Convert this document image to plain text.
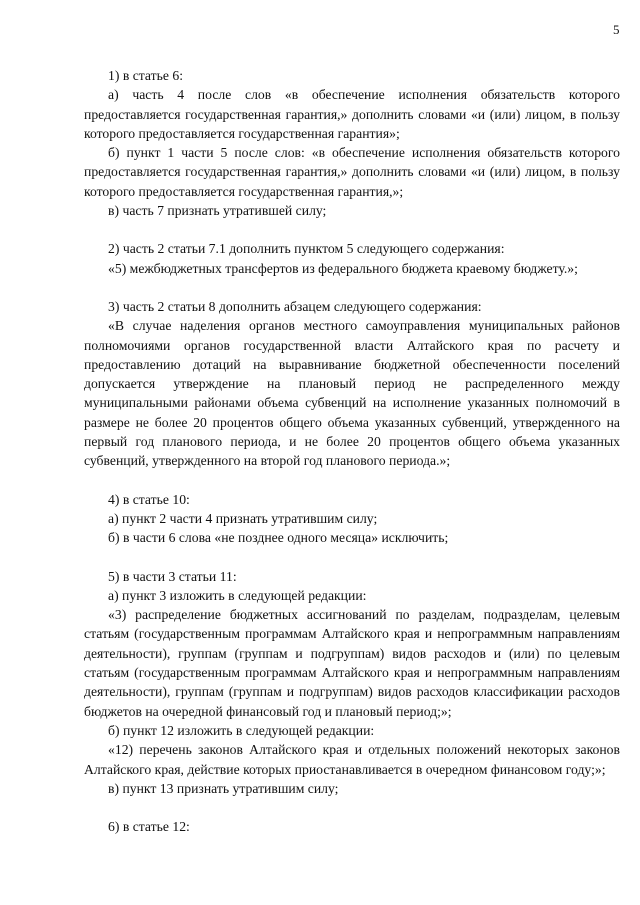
5

1) в статье 6:

а) часть 4 после слов «в обеспечение исполнения обязательств которого предоставляется государственная гарантия,» дополнить словами «и (или) лицом, в пользу которого предоставляется государственная гарантия»;

б) пункт 1 части 5 после слов: «в обеспечение исполнения обязательств которого предоставляется государственная гарантия,» дополнить словами «и (или) лицом, в пользу которого предоставляется государственная гарантия,»;

в) часть 7 признать утратившей силу;

2) часть 2 статьи 7.1 дополнить пунктом 5 следующего содержания:

«5) межбюджетных трансфертов из федерального бюджета краевому бюджету.»;

3) часть 2 статьи 8 дополнить абзацем следующего содержания:

«В случае наделения органов местного самоуправления муниципальных районов полномочиями органов государственной власти Алтайского края по расчету и предоставлению дотаций на выравнивание бюджетной обеспеченности поселений допускается утверждение на плановый период не распределенного между муниципальными районами объема субвенций на исполнение указанных полномочий в размере не более 20 процентов общего объема указанных субвенций, утвержденного на первый год планового периода, и не более 20 процентов общего объема указанных субвенций, утвержденного на второй год планового периода.»;

4) в статье 10:

а) пункт 2 части 4 признать утратившим силу;

б) в части 6 слова «не позднее одного месяца» исключить;

5) в части 3 статьи 11:

а) пункт 3 изложить в следующей редакции:

«3) распределение бюджетных ассигнований по разделам, подразделам, целевым статьям (государственным программам Алтайского края и непрограммным направлениям деятельности), группам (группам и подгруппам) видов расходов и (или) по целевым статьям (государственным программам Алтайского края и непрограммным направлениям деятельности), группам (группам и подгруппам) видов расходов классификации расходов бюджетов на очередной финансовый год и плановый период;»;

б) пункт 12 изложить в следующей редакции:

«12) перечень законов Алтайского края и отдельных положений некоторых законов Алтайского края, действие которых приостанавливается в очередном финансовом году;»;

в) пункт 13 признать утратившим силу;

6) в статье 12:
